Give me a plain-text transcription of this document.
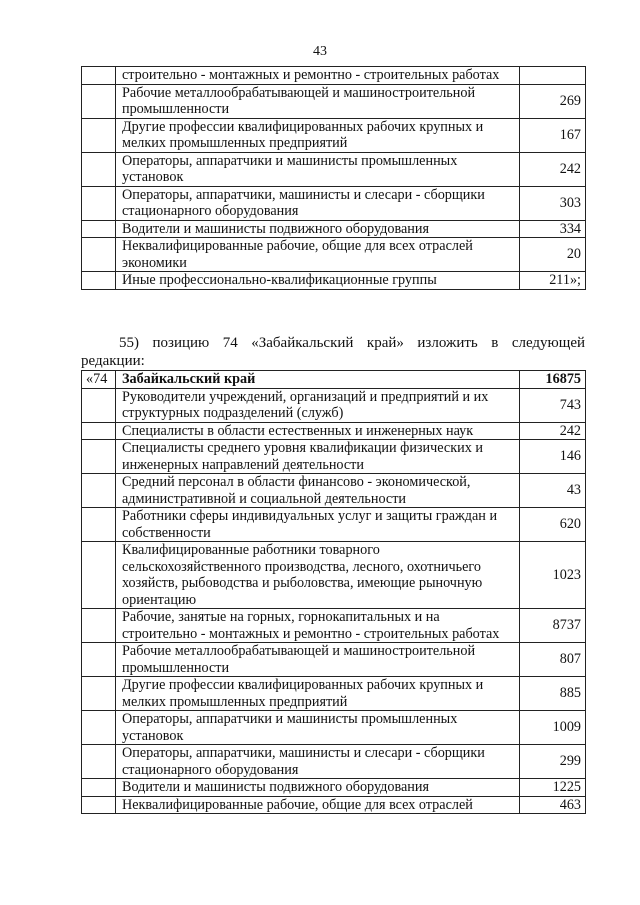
43
	строительно - монтажных и ремонтно - строительных работах	
	Рабочие металлообрабатывающей и машиностроительной промышленности	269
	Другие профессии квалифицированных рабочих крупных и мелких промышленных предприятий	167
	Операторы, аппаратчики и машинисты промышленных установок	242
	Операторы, аппаратчики, машинисты и слесари - сборщики стационарного оборудования	303
	Водители и машинисты подвижного оборудования	334
	Неквалифицированные рабочие, общие для всех отраслей экономики	20
	Иные профессионально-квалификационные группы	211»;
55) позицию 74 «Забайкальский край» изложить в следующей
редакции:
«74	Забайкальский край	16875
	Руководители учреждений, организаций и предприятий и их структурных подразделений (служб)	743
	Специалисты в области естественных и инженерных наук	242
	Специалисты среднего уровня квалификации физических и инженерных направлений деятельности	146
	Средний персонал в области финансово - экономической, административной и социальной деятельности	43
	Работники сферы индивидуальных услуг и защиты граждан и собственности	620
	Квалифицированные работники товарного сельскохозяйственного производства, лесного, охотничьего хозяйств, рыбоводства и рыболовства, имеющие рыночную ориентацию	1023
	Рабочие, занятые на горных, горнокапитальных и на строительно - монтажных и ремонтно - строительных работах	8737
	Рабочие металлообрабатывающей и машиностроительной промышленности	807
	Другие профессии квалифицированных рабочих крупных и мелких промышленных предприятий	885
	Операторы, аппаратчики и машинисты промышленных установок	1009
	Операторы, аппаратчики, машинисты и слесари - сборщики стационарного оборудования	299
	Водители и машинисты подвижного оборудования	1225
	Неквалифицированные рабочие, общие для всех отраслей	463
